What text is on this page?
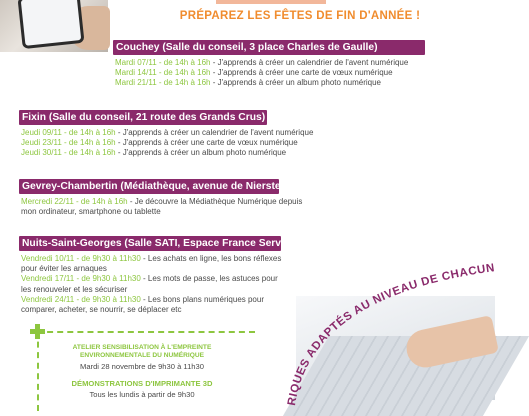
PRÉPAREZ LES FÊTES DE FIN D'ANNÉE !
Couchey (Salle du conseil, 3 place Charles de Gaulle)
Mardi 07/11 - de 14h à 16h - J'apprends à créer un calendrier de l'avent numérique
Mardi 14/11 - de 14h à 16h - J'apprends à créer une carte de vœux numérique
Mardi 21/11 - de 14h à 16h - J'apprends à créer un album photo numérique
Fixin (Salle du conseil, 21 route des Grands Crus)
Jeudi 09/11 - de 14h à 16h - J'apprends à créer un calendrier de l'avent numérique
Jeudi 23/11 - de 14h à 16h - J'apprends à créer une carte de vœux numérique
Jeudi 30/11 - de 14h à 16h - J'apprends à créer un album photo numérique
Gevrey-Chambertin (Médiathèque, avenue de Nierstein)
Mercredi 22/11 - de 14h à 16h - Je découvre la Médiathèque Numérique depuis mon ordinateur, smartphone ou tablette
Nuits-Saint-Georges (Salle SATI, Espace France Services)
Vendredi 10/11 - de 9h30 à 11h30 - Les achats en ligne, les bons réflexes pour éviter les arnaques
Vendredi 17/11 - de 9h30 à 11h30 - Les mots de passe, les astuces pour les renouveler et les sécuriser
Vendredi 24/11 - de 9h30 à 11h30 - Les bons plans numériques pour comparer, acheter, se nourrir, se déplacer etc
ATELIER SENSIBILISATION À L'EMPREINTE ENVIRONNEMENTALE DU NUMÉRIQUE
Mardi 28 novembre de 9h30 à 11h30
DÉMONSTRATIONS D'IMPRIMANTE 3D
Tous les lundis à partir de 9h30
RIQUES ADAPTÉS AU NIVEAU DE CHACUN
